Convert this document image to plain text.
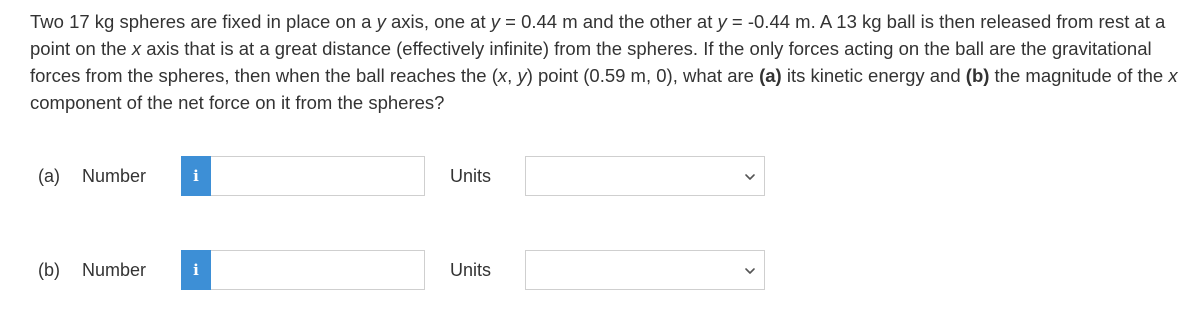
Two 17 kg spheres are fixed in place on a y axis, one at y = 0.44 m and the other at y = -0.44 m. A 13 kg ball is then released from rest at a point on the x axis that is at a great distance (effectively infinite) from the spheres. If the only forces acting on the ball are the gravitational forces from the spheres, then when the ball reaches the (x, y) point (0.59 m, 0), what are (a) its kinetic energy and (b) the magnitude of the x component of the net force on it from the spheres?
(a)	Number	i	Units
(b)	Number	i	Units
